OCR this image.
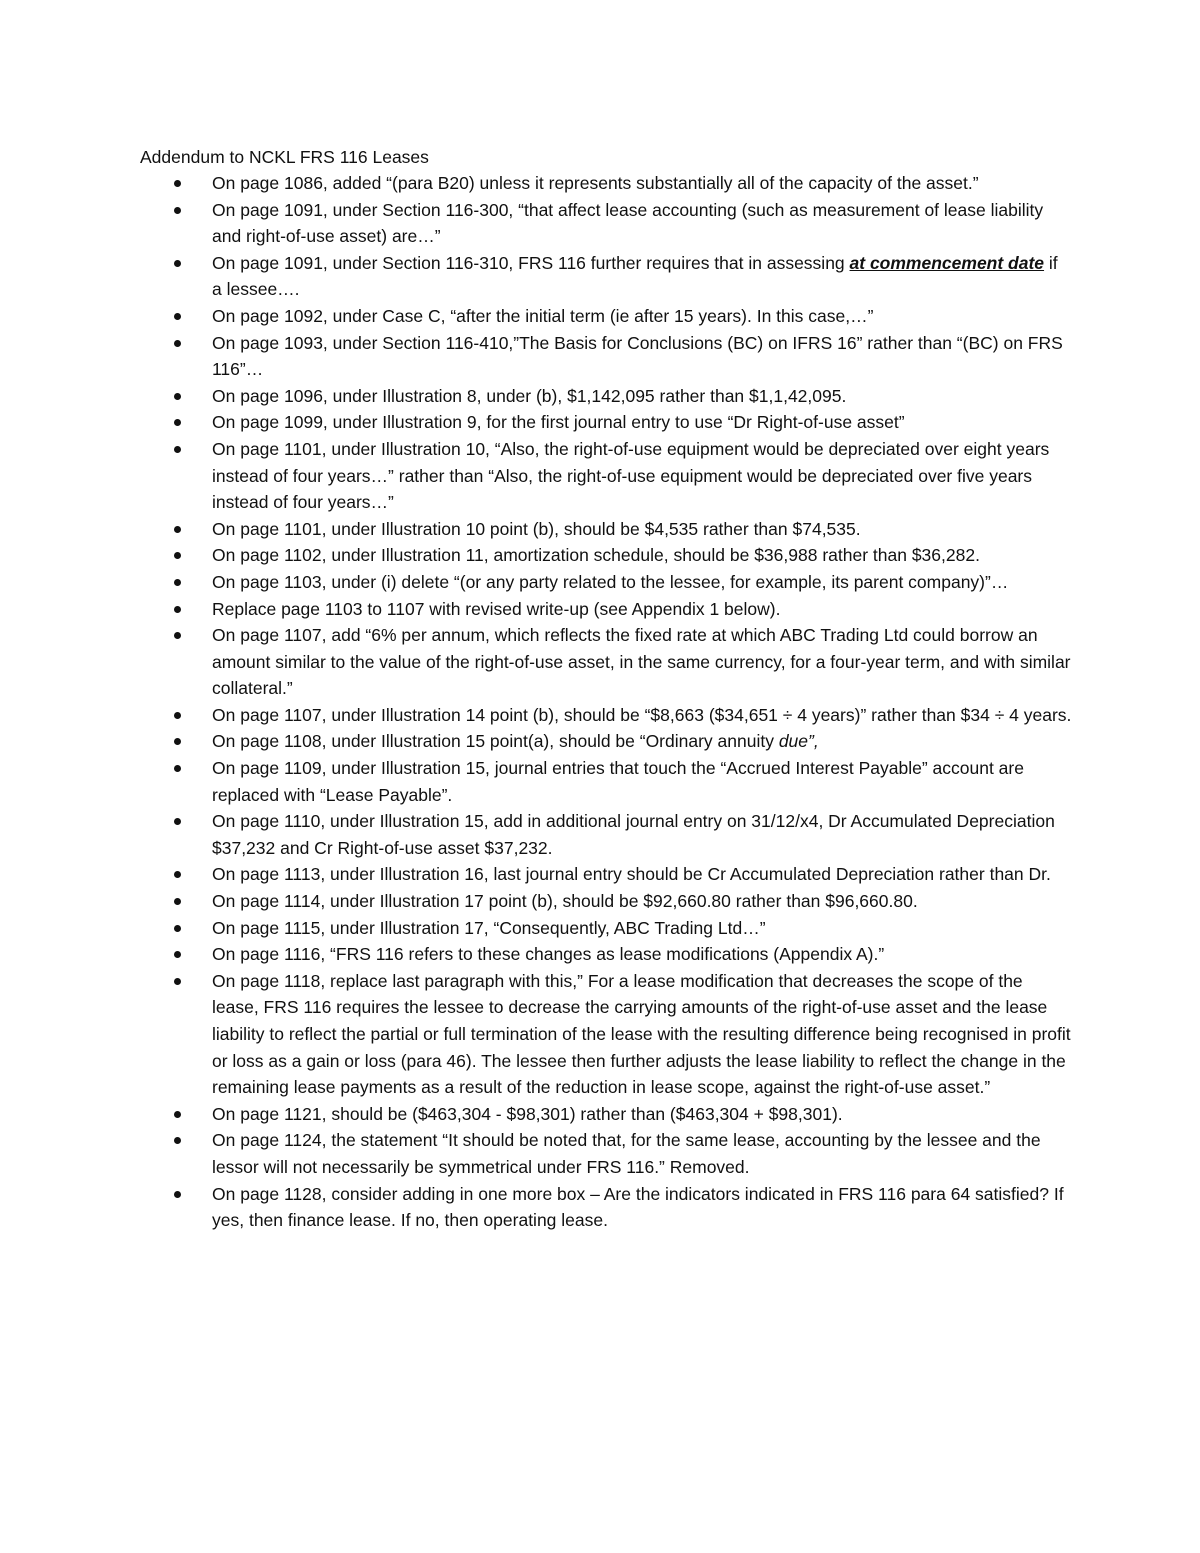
Addendum to NCKL FRS 116 Leases
On page 1086, added “(para B20) unless it represents substantially all of the capacity of the asset.”
On page 1091, under Section 116-300, “that affect lease accounting (such as measurement of lease liability and right-of-use asset) are…”
On page 1091, under Section 116-310, FRS 116 further requires that in assessing at commencement date if a lessee….
On page 1092, under Case C, “after the initial term (ie after 15 years). In this case,…”
On page 1093, under Section 116-410,”The Basis for Conclusions (BC) on IFRS 16” rather than “(BC) on FRS 116”…
On page 1096, under Illustration 8, under (b), $1,142,095 rather than $1,1,42,095.
On page 1099, under Illustration 9, for the first journal entry to use “Dr Right-of-use asset”
On page 1101, under Illustration 10, “Also, the right-of-use equipment would be depreciated over eight years instead of four years…” rather than “Also, the right-of-use equipment would be depreciated over five years instead of four years…”
On page 1101, under Illustration 10 point (b), should be $4,535 rather than $74,535.
On page 1102, under Illustration 11, amortization schedule, should be $36,988 rather than $36,282.
On page 1103, under (i) delete “(or any party related to the lessee, for example, its parent company)”…
Replace page 1103 to 1107 with revised write-up (see Appendix 1 below).
On page 1107, add “6% per annum, which reflects the fixed rate at which ABC Trading Ltd could borrow an amount similar to the value of the right-of-use asset, in the same currency, for a four-year term, and with similar collateral.”
On page 1107, under Illustration 14 point (b), should be “$8,663 ($34,651 ÷ 4 years)” rather than $34 ÷ 4 years.
On page 1108, under Illustration 15 point(a), should be “Ordinary annuity due”,
On page 1109, under Illustration 15, journal entries that touch the “Accrued Interest Payable” account are replaced with “Lease Payable”.
On page 1110, under Illustration 15, add in additional journal entry on 31/12/x4, Dr Accumulated Depreciation $37,232 and Cr Right-of-use asset $37,232.
On page 1113, under Illustration 16, last journal entry should be Cr Accumulated Depreciation rather than Dr.
On page 1114, under Illustration 17 point (b), should be $92,660.80 rather than $96,660.80.
On page 1115, under Illustration 17, “Consequently, ABC Trading Ltd…”
On page 1116, “FRS 116 refers to these changes as lease modifications (Appendix A).”
On page 1118, replace last paragraph with this,” For a lease modification that decreases the scope of the lease, FRS 116 requires the lessee to decrease the carrying amounts of the right-of-use asset and the lease liability to reflect the partial or full termination of the lease with the resulting difference being recognised in profit or loss as a gain or loss (para 46). The lessee then further adjusts the lease liability to reflect the change in the remaining lease payments as a result of the reduction in lease scope, against the right-of-use asset.”
On page 1121, should be ($463,304 - $98,301) rather than ($463,304 + $98,301).
On page 1124, the statement “It should be noted that, for the same lease, accounting by the lessee and the lessor will not necessarily be symmetrical under FRS 116.” Removed.
On page 1128, consider adding in one more box – Are the indicators indicated in FRS 116 para 64 satisfied? If yes, then finance lease. If no, then operating lease.
